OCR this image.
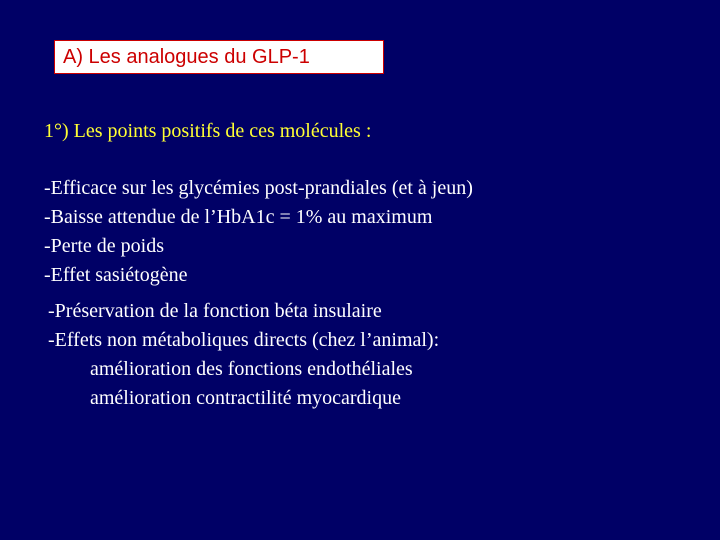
A) Les analogues du GLP-1
1°) Les points positifs de ces molécules :
-Efficace sur les glycémies post-prandiales (et à jeun)
-Baisse attendue de l’HbA1c = 1% au maximum
-Perte de poids
-Effet sasiétogène
-Préservation de la fonction béta insulaire
-Effets non métaboliques directs (chez l’animal):
amélioration des fonctions endothéliales
amélioration contractilité myocardique
